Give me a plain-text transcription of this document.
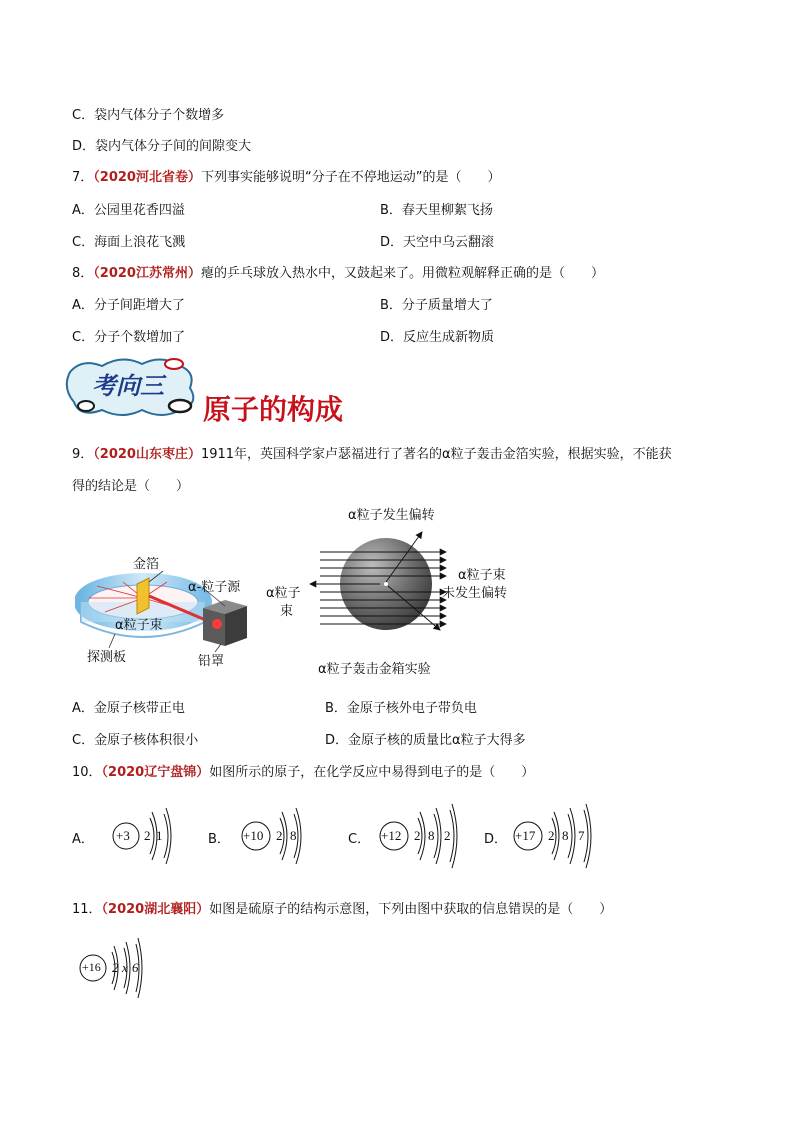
C．袋内气体分子个数增多
D．袋内气体分子间的间隙变大
7．（2020河北省卷）下列事实能够说明“分子在不停地运动”的是（　　）
A．公园里花香四溢	B．春天里柳絮飞扬
C．海面上浪花飞溅	D．天空中乌云翻滚
8．（2020江苏常州）瘪的乒乓球放入热水中，又鼓起来了。用微粒观解释正确的是（　　）
A．分子间距增大了	B．分子质量增大了
C．分子个数增加了	D．反应生成新物质
考向三
原子的构成
9．（2020山东枣庄）1911年，英国科学家卢瑟福进行了著名的α粒子轰击金箔实验，根据实验，不能获
得的结论是（　　）
金箔
α-粒子源
α粒子束
探测板	铅罩
α粒子发生偏转
α粒子
束
α粒子束
未发生偏转
α粒子轰击金箱实验
A．金原子核带正电	B．金原子核外电子带负电
C．金原子核体积很小	D．金原子核的质量比α粒子大得多
10．（2020辽宁盘锦）如图所示的原子，在化学反应中易得到电子的是（　　）
A． +3 2 1	B． +10 2 8	C． +12 2 8 2	D． +17 2 8 7
11．（2020湖北襄阳）如图是硫原子的结构示意图，下列由图中获取的信息错误的是（　　）
+16 2 x 6
